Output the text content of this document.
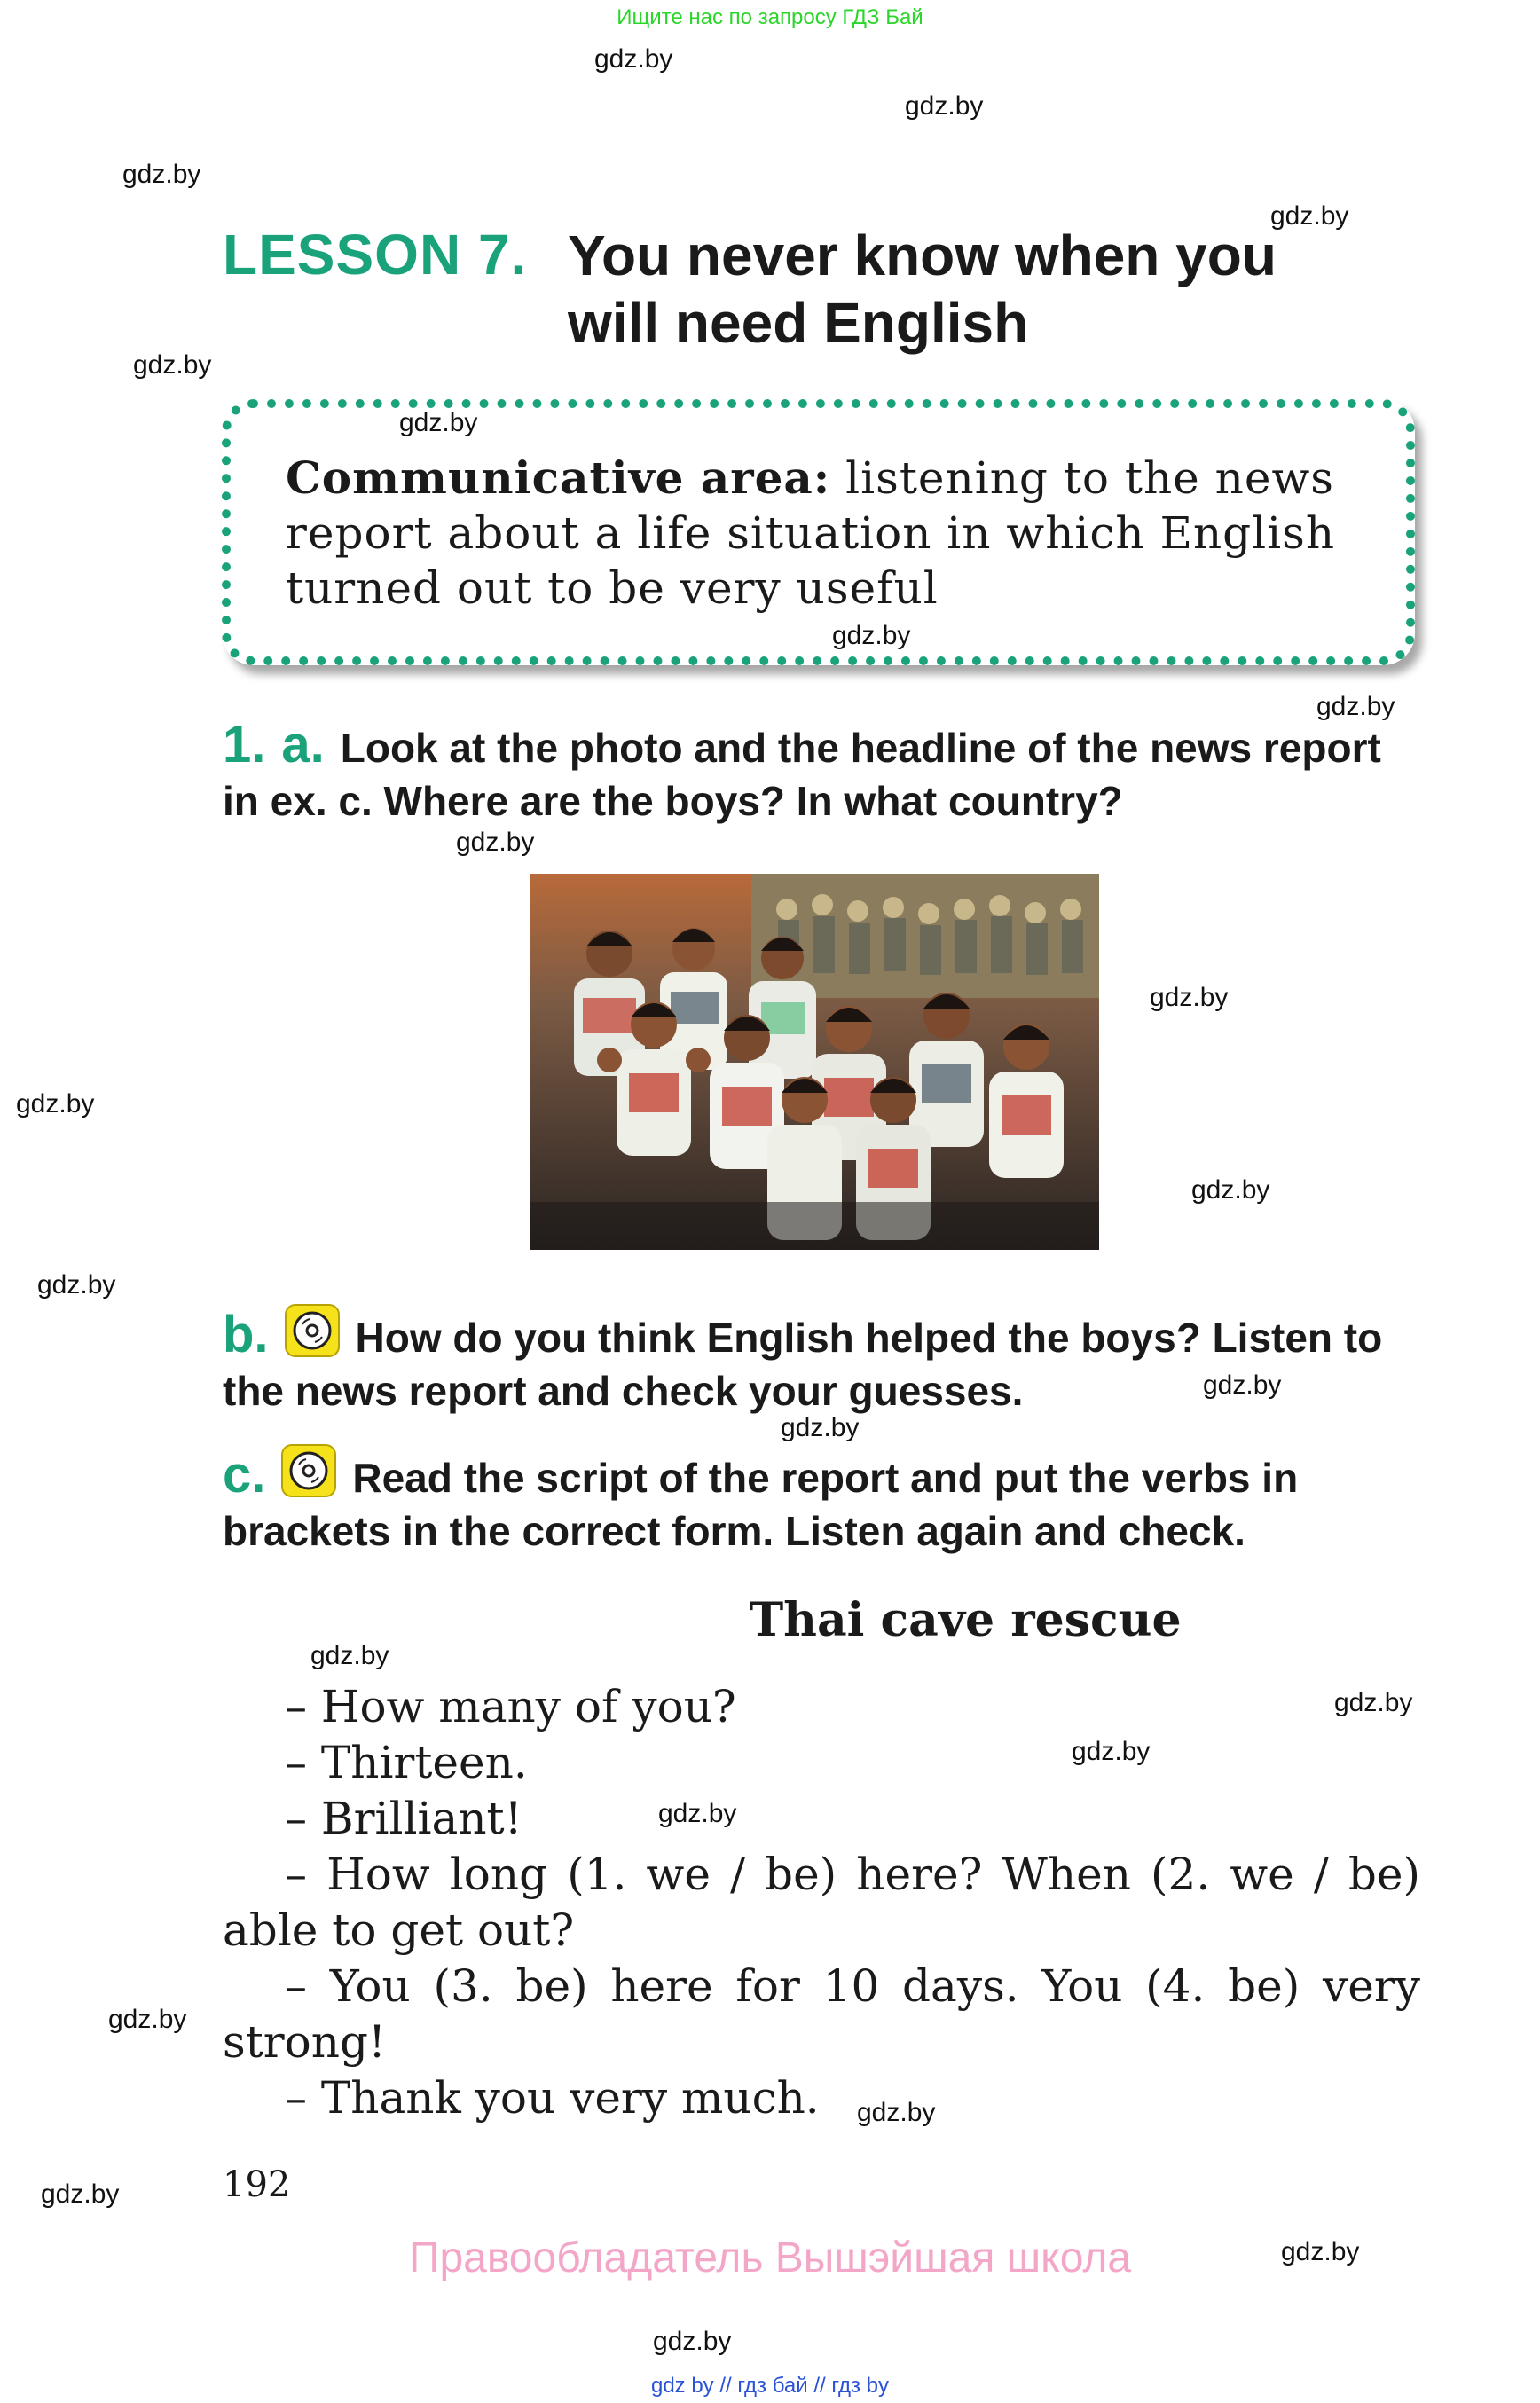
Ищите нас по запросу ГДЗ Бай
gdz.by
gdz.by
gdz.by
gdz.by
gdz.by
gdz.by
gdz.by
gdz.by
gdz.by
gdz.by
gdz.by
gdz.by
gdz.by
gdz.by
gdz.by
gdz.by
gdz.by
gdz.by
gdz.by
gdz.by
gdz.by
gdz.by
LESSON 7. You never know when you will need English
Communicative area: listening to the news report about a life situation in which English turned out to be very useful
gdz.by
gdz.by
1. a. Look at the photo and the headline of the news report in ex. c. Where are the boys? In what country?
b. How do you think English helped the boys? Listen to the news report and check your guesses.
c. Read the script of the report and put the verbs in brackets in the correct form. Listen again and check.
Thai cave rescue

– How many of you?

– Thirteen.

– Brilliant!

– How long (1. we / be) here? When (2. we / be) able to get out?

– You (3. be) here for 10 days. You (4. be) very strong!

– Thank you very much.

192
Правообладатель Вышэйшая школа
gdz by // гдз бай // гдз by
